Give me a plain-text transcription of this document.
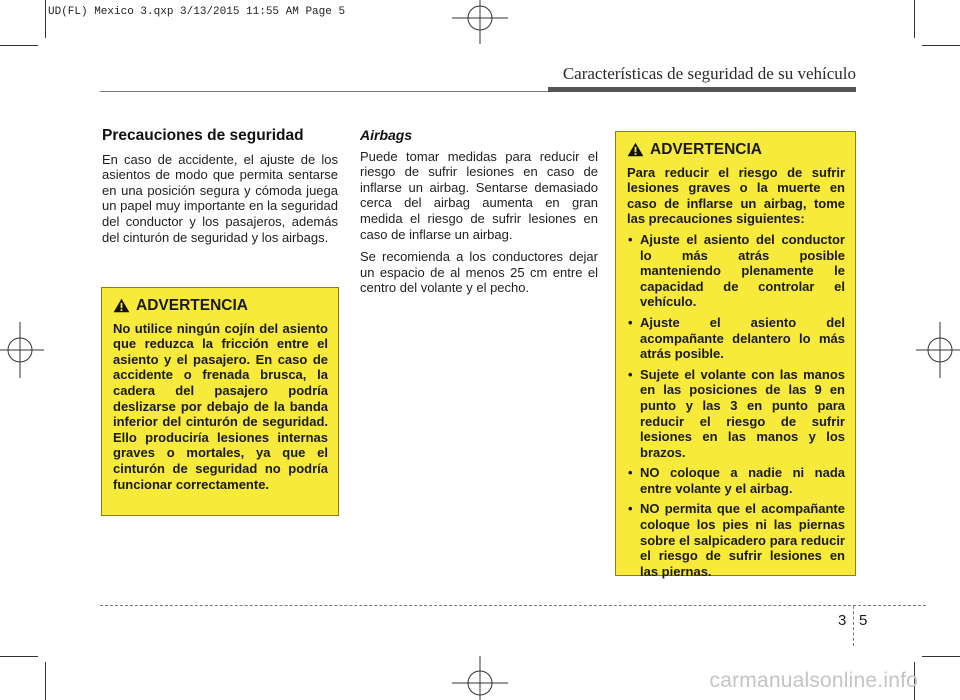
UD(FL) Mexico 3.qxp 3/13/2015 11:55 AM Page 5
Características de seguridad de su vehículo
Precauciones de seguridad

En caso de accidente, el ajuste de los asientos de modo que permita sentarse en una posición segura y cómoda juega un papel muy importante en la seguridad del conductor y los pasajeros, además del cinturón de seguridad y los airbags.

ADVERTENCIA

No utilice ningún cojín del asiento que reduzca la fricción entre el asiento y el pasajero. En caso de accidente o frenada brusca, la cadera del pasajero podría deslizarse por debajo de la banda inferior del cinturón de seguridad. Ello produciría lesiones internas graves o mortales, ya que el cinturón de seguridad no podría funcionar correctamente.

Airbags

Puede tomar medidas para reducir el riesgo de sufrir lesiones en caso de inflarse un airbag. Sentarse demasiado cerca del airbag aumenta en gran medida el riesgo de sufrir lesiones en caso de inflarse un airbag.

Se recomienda a los conductores dejar un espacio de al menos 25 cm entre el centro del volante y el pecho.

ADVERTENCIA

Para reducir el riesgo de sufrir lesiones graves o la muerte en caso de inflarse un airbag, tome las precauciones siguientes:

• Ajuste el asiento del conductor lo más atrás posible manteniendo plenamente le capacidad de controlar el vehículo.
• Ajuste el asiento del acompañante delantero lo más atrás posible.
• Sujete el volante con las manos en las posiciones de las 9 en punto y las 3 en punto para reducir el riesgo de sufrir lesiones en las manos y los brazos.
• NO coloque a nadie ni nada entre volante y el airbag.
• NO permita que el acompañante coloque los pies ni las piernas sobre el salpicadero para reducir el riesgo de sufrir lesiones en las piernas.
3 5
carmanualsonline.info
